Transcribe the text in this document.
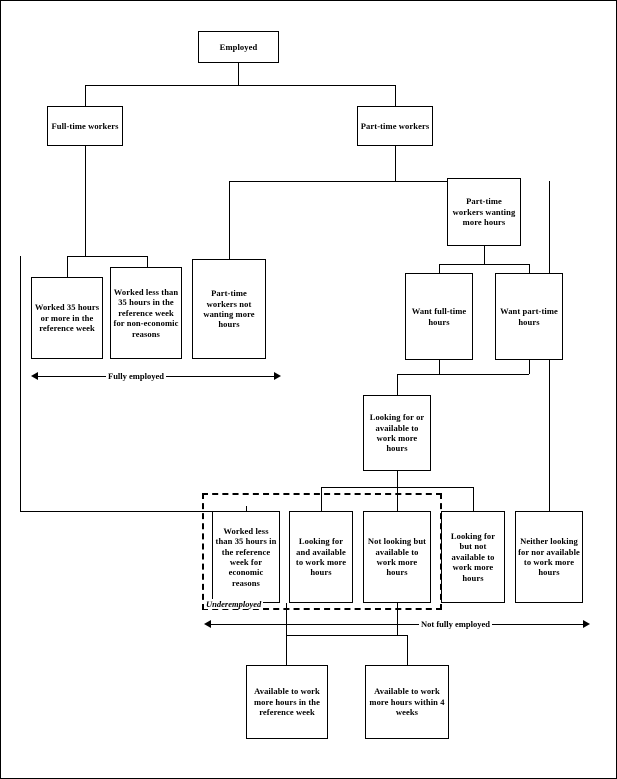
Employed
Full-time workers	Part-time workers
Part-time workers wanting more hours
Worked 35 hours or more in the reference week
Worked less than 35 hours in the reference week for non-economic reasons
Part-time workers not wanting more hours
Want full-time hours
Want part-time hours
Looking for or available to work more hours
Worked less than 35 hours in the reference week for economic reasons
Looking for and available to work more hours
Not looking but available to work more hours
Looking for but not available to work more hours
Neither looking for nor available to work more hours
Available to work more hours in the reference week
Available to work more hours within 4 weeks
Fully employed
Underemployed
Not fully employed
